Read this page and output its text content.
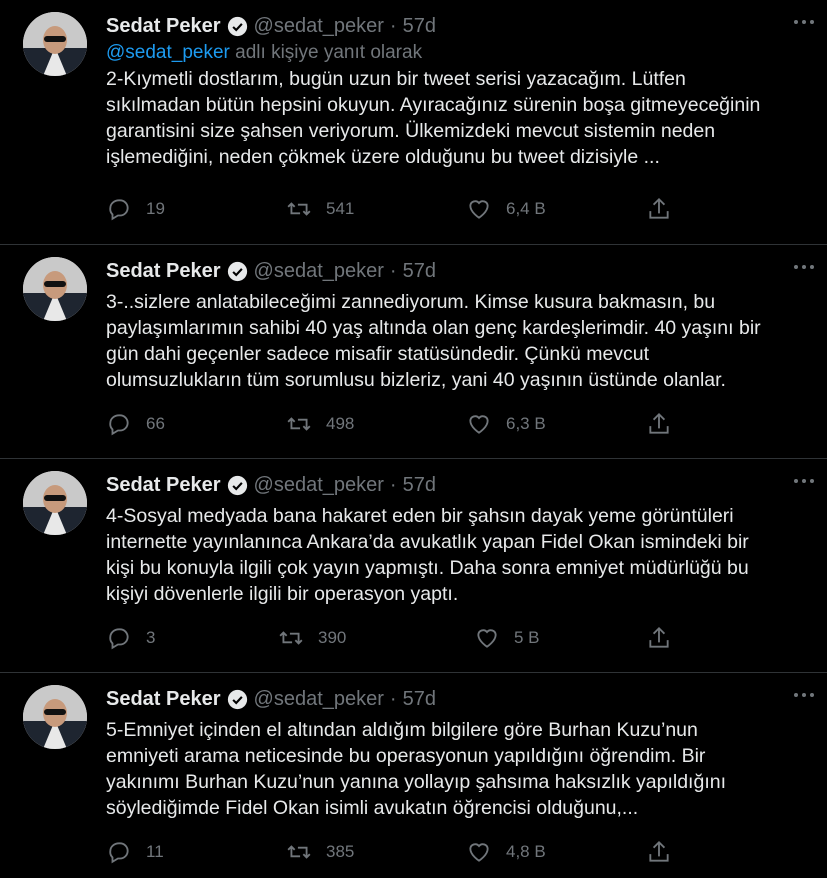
Sedat Peker @sedat_peker · 57d
@sedat_peker adlı kişiye yanıt olarak
2-Kıymetli dostlarım, bugün uzun bir tweet serisi yazacağım. Lütfen
sıkılmadan bütün hepsini okuyun. Ayıracağınız sürenin boşa gitmeyeceğinin
garantisini size şahsen veriyorum. Ülkemizdeki mevcut sistemin neden
işlemediğini, neden çökmek üzere olduğunu bu tweet dizisiyle ...
19	541	6,4 B
Sedat Peker @sedat_peker · 57d
3-..sizlere anlatabileceğimi zannediyorum. Kimse kusura bakmasın, bu
paylaşımlarımın sahibi 40 yaş altında olan genç kardeşlerimdir. 40 yaşını bir
gün dahi geçenler sadece misafir statüsündedir. Çünkü mevcut
olumsuzlukların tüm sorumlusu bizleriz, yani 40 yaşının üstünde olanlar.
66	498	6,3 B
Sedat Peker @sedat_peker · 57d
4-Sosyal medyada bana hakaret eden bir şahsın dayak yeme görüntüleri
internette yayınlanınca Ankara’da avukatlık yapan Fidel Okan ismindeki bir
kişi bu konuyla ilgili çok yayın yapmıştı. Daha sonra emniyet müdürlüğü bu
kişiyi dövenlerle ilgili bir operasyon yaptı.
3	390	5 B
Sedat Peker @sedat_peker · 57d
5-Emniyet içinden el altından aldığım bilgilere göre Burhan Kuzu’nun
emniyeti arama neticesinde bu operasyonun yapıldığını öğrendim. Bir
yakınımı Burhan Kuzu’nun yanına yollayıp şahsıma haksızlık yapıldığını
söylediğimde Fidel Okan isimli avukatın öğrencisi olduğunu,...
11	385	4,8 B
